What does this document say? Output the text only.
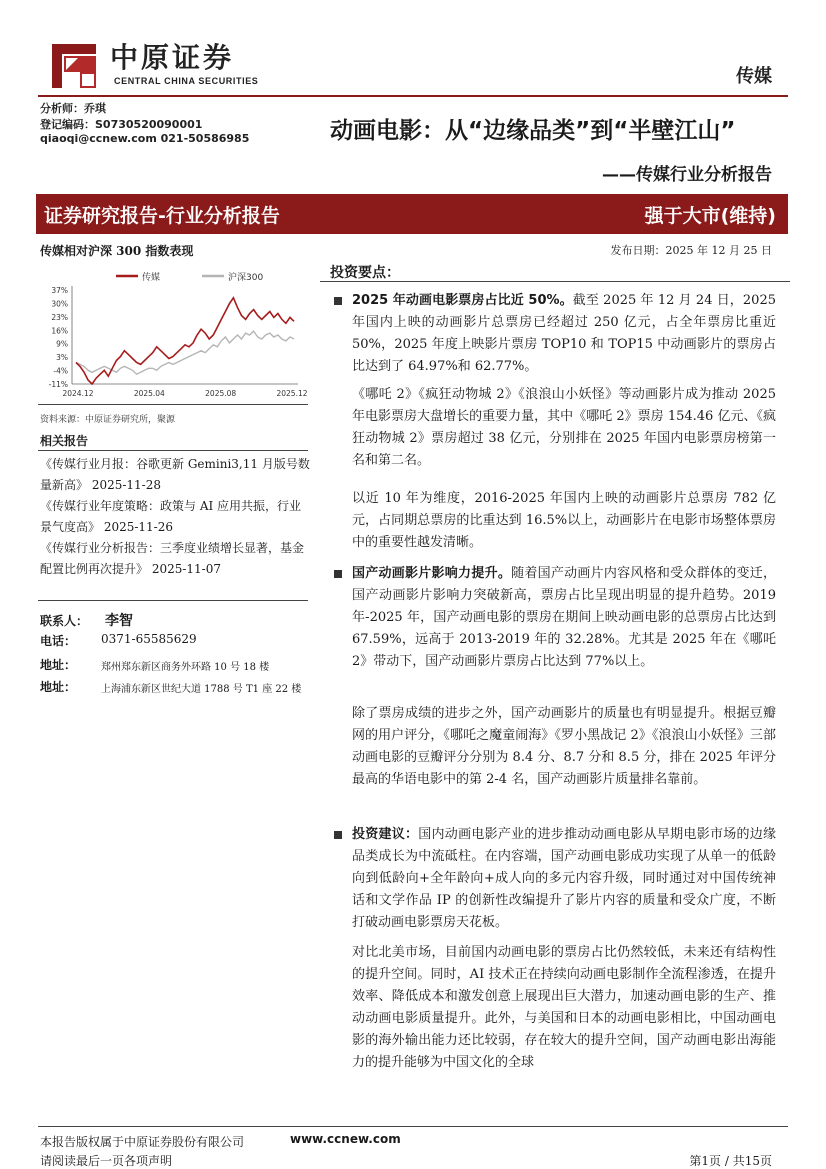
中原证券
CENTRAL CHINA SECURITIES	传媒
分析师：乔琪
登记编码：S0730520090001
qiaoqi@ccnew.com 021-50586985	动画电影：从“边缘品类”到“半壁江山”
——传媒行业分析报告
证券研究报告-行业分析报告	强于大市(维持)
传媒相对沪深 300 指数表现
传媒	沪深300
37%
30%
23%
16%
9%
3%
-4%
-11%
2024.12	2025.04	2025.08	2025.12
资料来源：中原证券研究所，聚源
相关报告
《传媒行业月报：谷歌更新 Gemini3,11 月版号数量新高》 2025-11-28
《传媒行业年度策略：政策与 AI 应用共振，行业景气度高》 2025-11-26
《传媒行业分析报告：三季度业绩增长显著，基金配置比例再次提升》 2025-11-07
联系人： 李智
电话： 0371-65585629
地址： 郑州郑东新区商务外环路 10 号 18 楼
地址： 上海浦东新区世纪大道 1788 号 T1 座 22 楼
发布日期：2025 年 12 月 25 日
投资要点：
2025 年动画电影票房占比近 50%。截至 2025 年 12 月 24 日，2025 年国内上映的动画影片总票房已经超过 250 亿元，占全年票房比重近 50%，2025 年度上映影片票房 TOP10 和 TOP15 中动画影片的票房占比达到了 64.97%和 62.77%。
《哪吒 2》《疯狂动物城 2》《浪浪山小妖怪》等动画影片成为推动 2025 年电影票房大盘增长的重要力量，其中《哪吒 2》票房 154.46 亿元、《疯狂动物城 2》票房超过 38 亿元，分别排在 2025 年国内电影票房榜第一名和第二名。
以近 10 年为维度，2016-2025 年国内上映的动画影片总票房 782 亿元，占同期总票房的比重达到 16.5%以上，动画影片在电影市场整体票房中的重要性越发清晰。
国产动画影片影响力提升。随着国产动画片内容风格和受众群体的变迁，国产动画影片影响力突破新高，票房占比呈现出明显的提升趋势。2019 年-2025 年，国产动画电影的票房在期间上映动画电影的总票房占比达到 67.59%，远高于 2013-2019 年的 32.28%。尤其是 2025 年在《哪吒 2》带动下，国产动画影片票房占比达到 77%以上。
除了票房成绩的进步之外，国产动画影片的质量也有明显提升。根据豆瓣网的用户评分，《哪吒之魔童闹海》《罗小黑战记 2》《浪浪山小妖怪》三部动画电影的豆瓣评分分别为 8.4 分、8.7 分和 8.5 分，排在 2025 年评分最高的华语电影中的第 2-4 名，国产动画影片质量排名靠前。
投资建议：国内动画电影产业的进步推动动画电影从早期电影市场的边缘品类成长为中流砥柱。在内容端，国产动画电影成功实现了从单一的低龄向到低龄向+全年龄向+成人向的多元内容升级，同时通过对中国传统神话和文学作品 IP 的创新性改编提升了影片内容的质量和受众广度，不断打破动画电影票房天花板。
对比北美市场，目前国内动画电影的票房占比仍然较低，未来还有结构性的提升空间。同时，AI 技术正在持续向动画电影制作全流程渗透，在提升效率、降低成本和激发创意上展现出巨大潜力，加速动画电影的生产、推动动画电影质量提升。此外，与美国和日本的动画电影相比，中国动画电影的海外输出能力还比较弱，存在较大的提升空间，国产动画电影出海能力的提升能够为中国文化的全球
本报告版权属于中原证券股份有限公司	www.ccnew.com
请阅读最后一页各项声明	第1页 / 共15页
